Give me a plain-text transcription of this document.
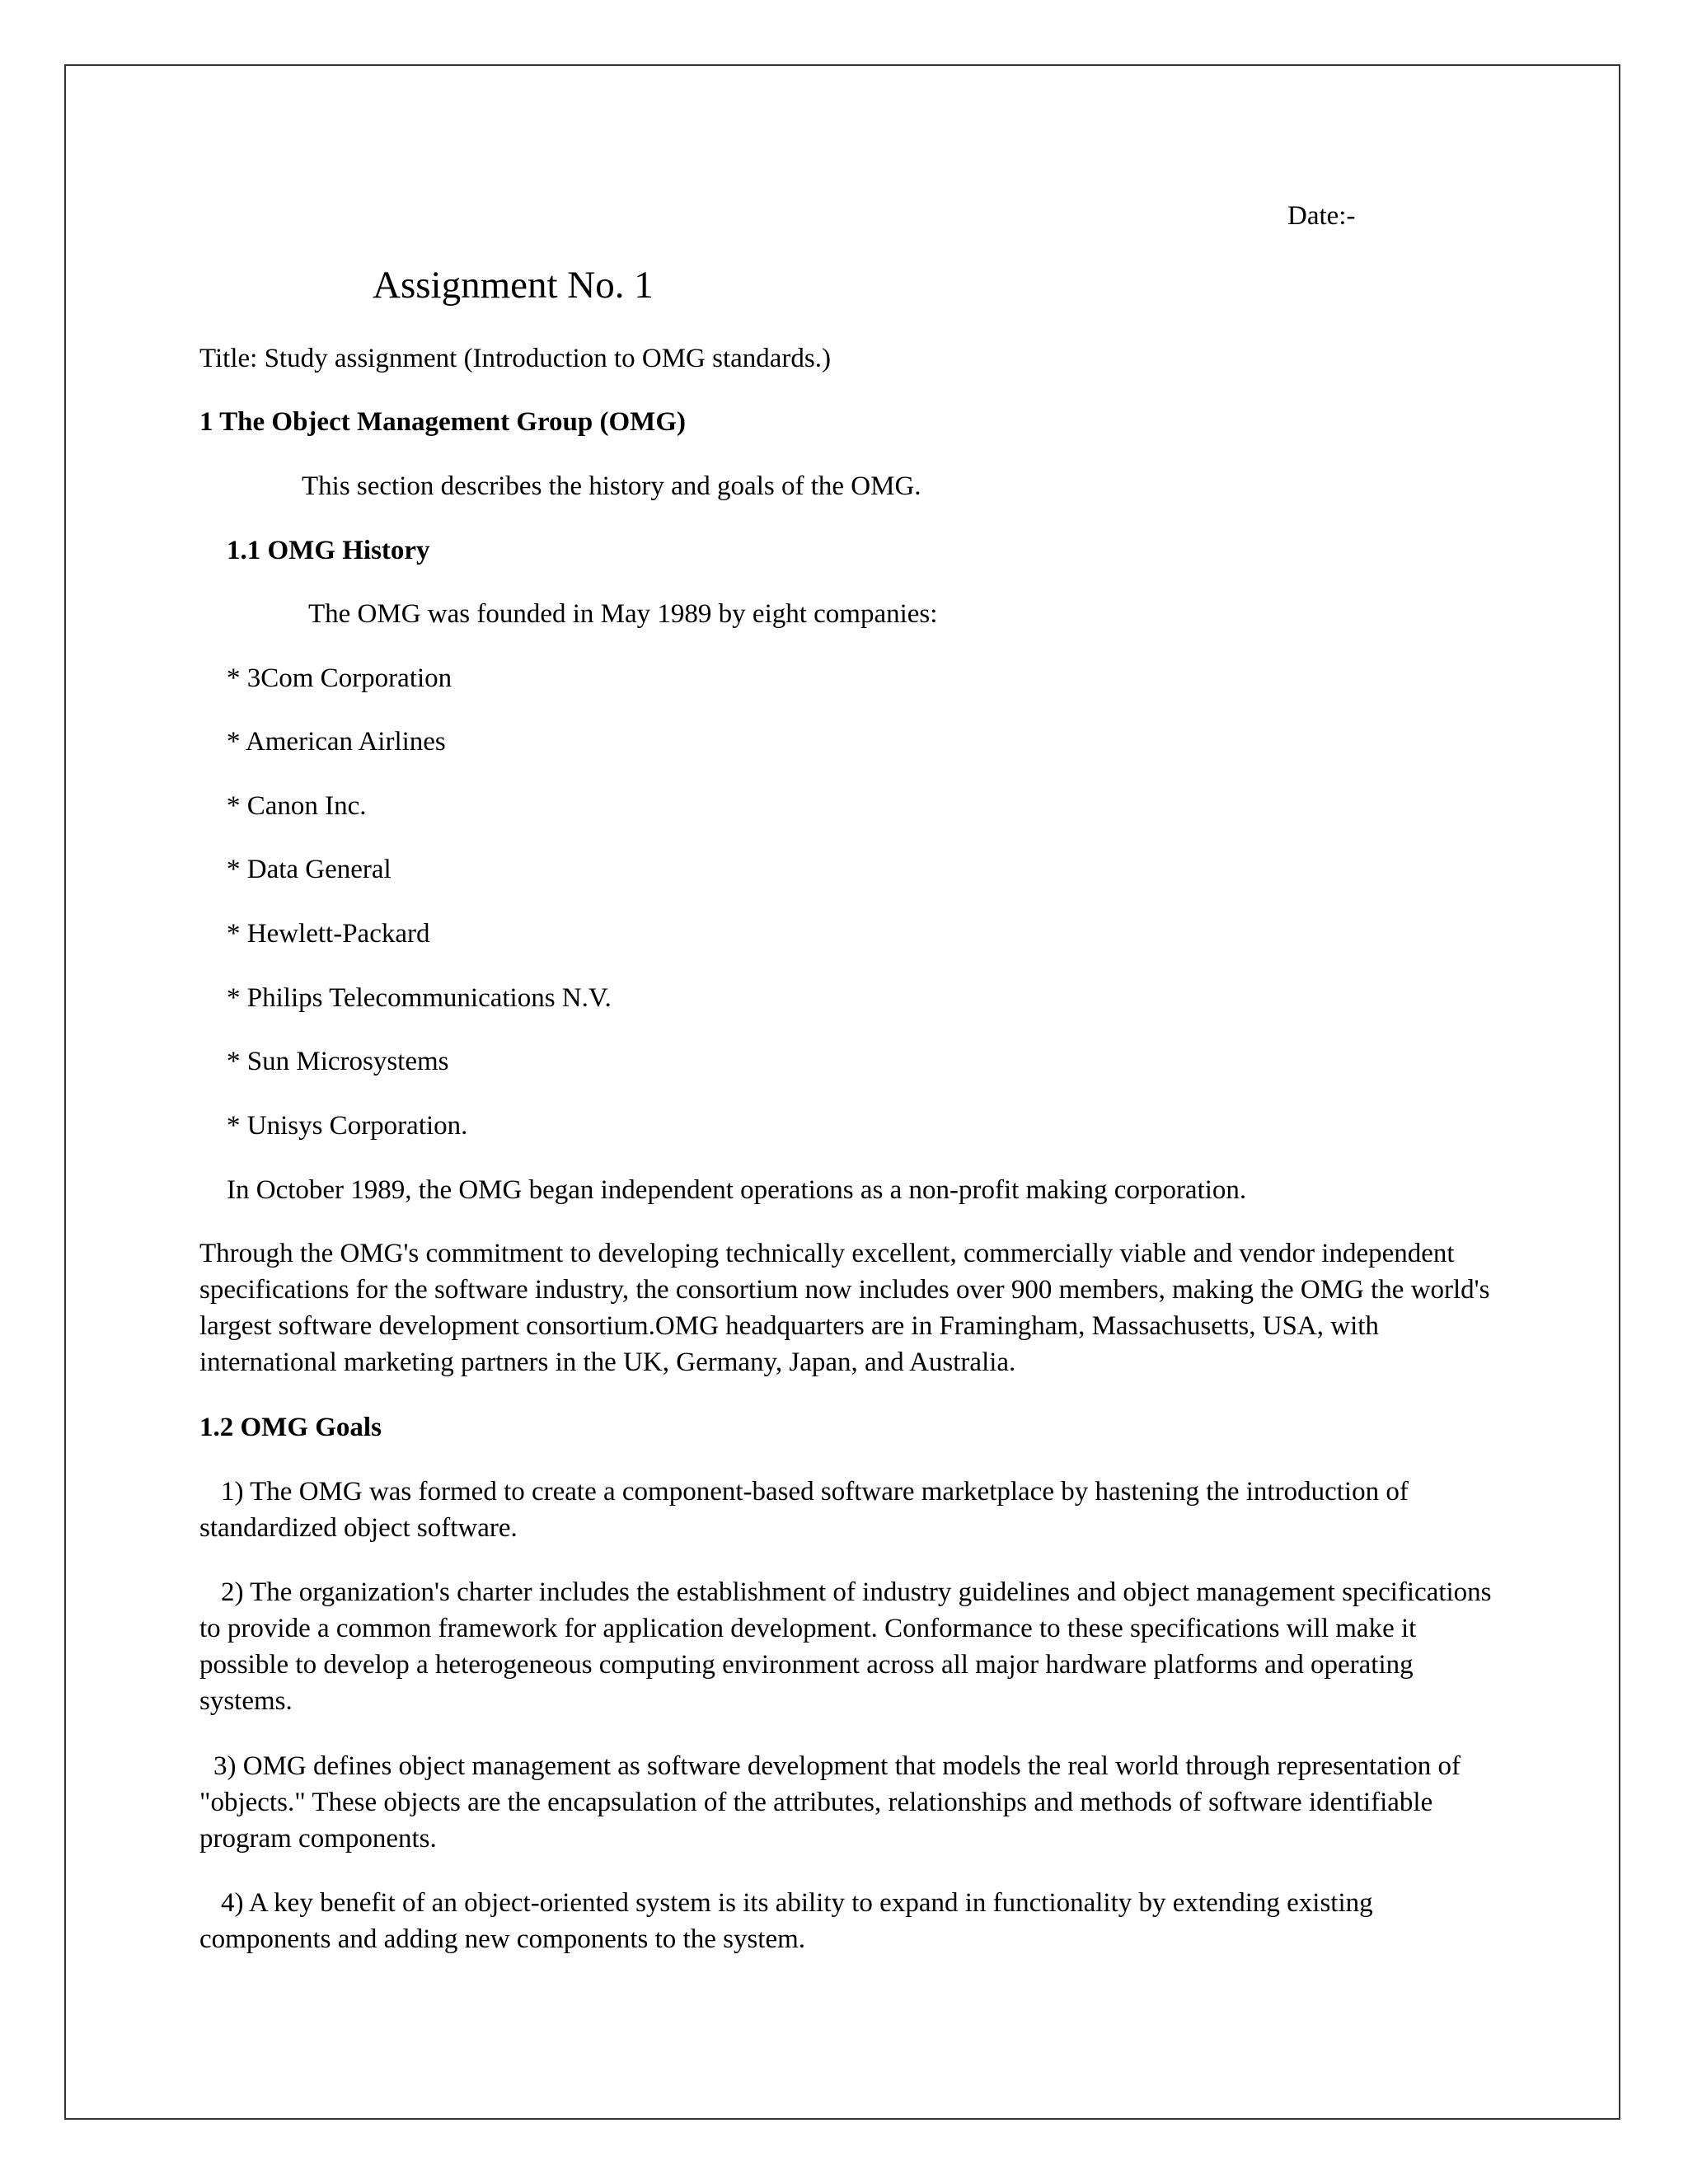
Date:-

Assignment No. 1

Title: Study assignment (Introduction to OMG standards.)

1 The Object Management Group (OMG)

This section describes the history and goals of the OMG.

1.1 OMG History

The OMG was founded in May 1989 by eight companies:

* 3Com Corporation

* American Airlines

* Canon Inc.

* Data General

* Hewlett-Packard

* Philips Telecommunications N.V.

* Sun Microsystems

* Unisys Corporation.

In October 1989, the OMG began independent operations as a non-profit making corporation.

Through the OMG's commitment to developing technically excellent, commercially viable and vendor independent specifications for the software industry, the consortium now includes over 900 members, making the OMG the world's largest software development consortium.OMG headquarters are in Framingham, Massachusetts, USA, with international marketing partners in the UK, Germany, Japan, and Australia.

1.2 OMG Goals

1) The OMG was formed to create a component-based software marketplace by hastening the introduction of standardized object software.

2) The organization's charter includes the establishment of industry guidelines and object management specifications to provide a common framework for application development. Conformance to these specifications will make it possible to develop a heterogeneous computing environment across all major hardware platforms and operating systems.

3) OMG defines object management as software development that models the real world through representation of "objects." These objects are the encapsulation of the attributes, relationships and methods of software identifiable program components.

4) A key benefit of an object-oriented system is its ability to expand in functionality by extending existing components and adding new components to the system.
